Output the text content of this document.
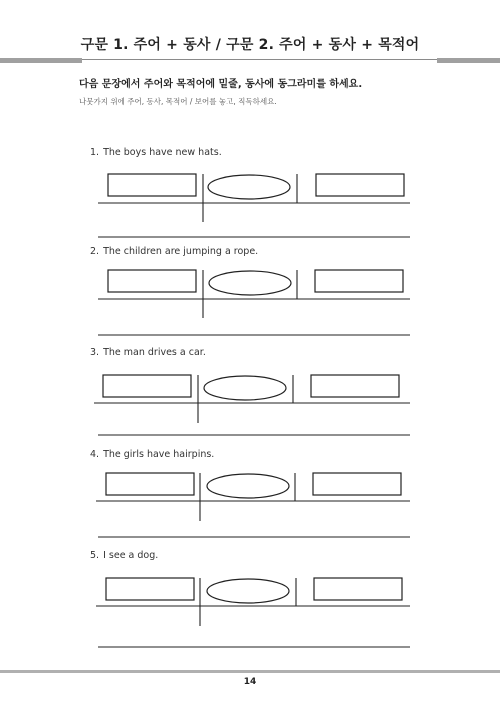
구문 1. 주어 + 동사 / 구문 2. 주어 + 동사 + 목적어
다음 문장에서 주어와 목적어에 밑줄, 동사에 동그라미를 하세요.
나뭇가지 위에 주어, 동사, 목적어 / 보어를 놓고, 직독하세요.
1. The boys have new hats.
2. The children are jumping a rope.
3. The man drives a car.
4. The girls have hairpins.
5. I see a dog.
14
